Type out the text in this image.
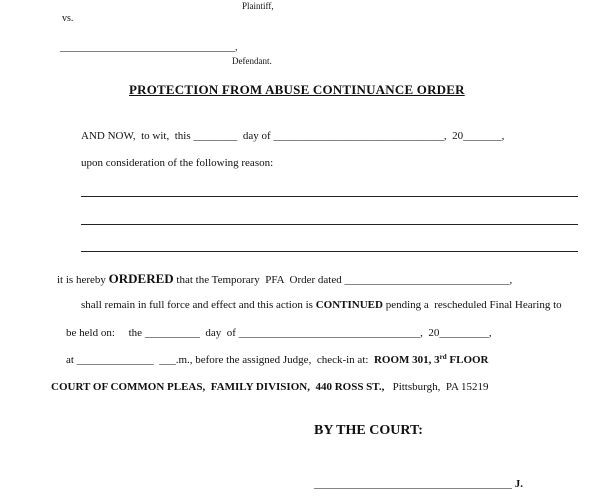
Plaintiff,
vs.
___________________________________,
Defendant.
PROTECTION FROM ABUSE CONTINUANCE ORDER
AND NOW,  to wit,  this ________  day of _______________________________,  20_______,
upon consideration of the following reason:
it is hereby ORDERED that the Temporary  PFA  Order dated ______________________________,
shall remain in full force and effect and this action is CONTINUED pending a  rescheduled Final Hearing to
be held on:     the __________  day  of _________________________________,  20_________,
at ______________  ___.m., before the assigned Judge,  check-in at:  ROOM 301, 3rd FLOOR
COURT OF COMMON PLEAS,  FAMILY DIVISION,  440 ROSS ST.,   Pittsburgh,  PA 15219
BY THE COURT:
____________________________________ J.
